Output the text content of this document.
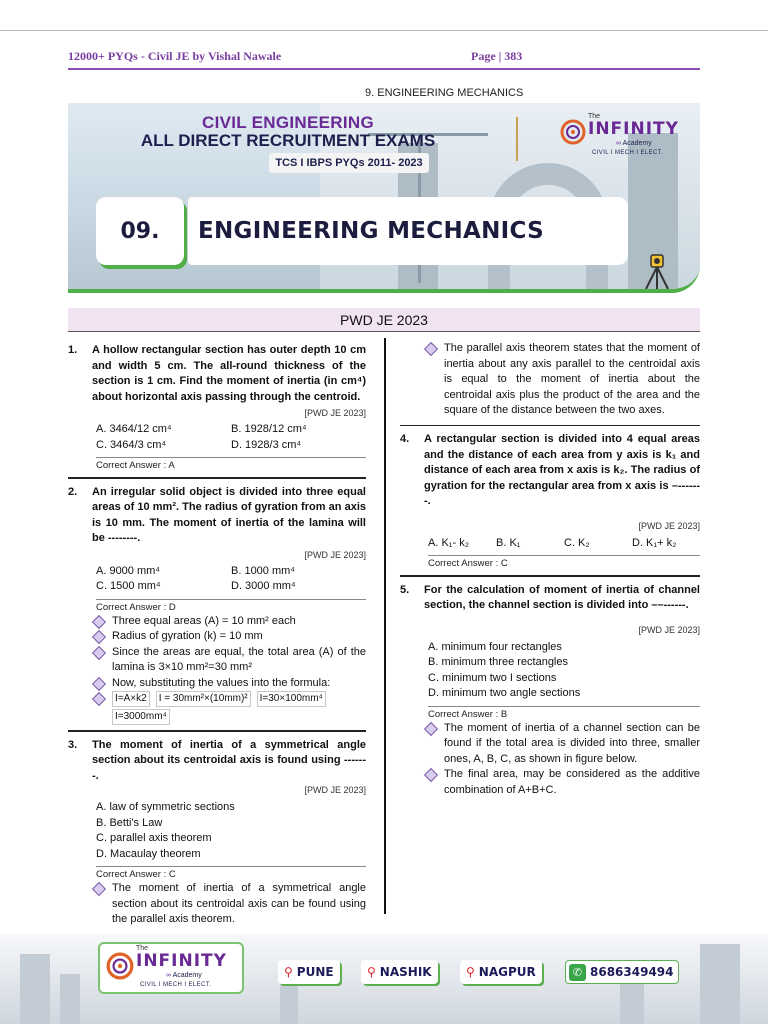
12000+ PYQs - Civil JE by Vishal Nawale	Page | 383
9. ENGINEERING MECHANICS
CIVIL ENGINEERING
ALL DIRECT RECRUITMENT EXAMS
TCS I IBPS PYQs 2011- 2023
The
INFINITY
∞ Academy
CIVIL I MECH I ELECT.
09.	ENGINEERING MECHANICS
PWD JE 2023
1. A hollow rectangular section has outer depth 10 cm and width 5 cm. The all-round thickness of the section is 1 cm. Find the moment of inertia (in cm⁴) about horizontal axis passing through the centroid.
[PWD JE 2023]
A. 3464/12 cm⁴	B. 1928/12 cm⁴
C. 3464/3 cm⁴	D. 1928/3 cm⁴
Correct Answer : A
2. An irregular solid object is divided into three equal areas of 10 mm². The radius of gyration from an axis is 10 mm. The moment of inertia of the lamina will be --------.
[PWD JE 2023]
A. 9000 mm⁴	B. 1000 mm⁴
C. 1500 mm⁴	D. 3000 mm⁴
Correct Answer : D
Three equal areas (A) = 10 mm² each
Radius of gyration (k) = 10 mm
Since the areas are equal, the total area (A) of the lamina is 3×10 mm²=30 mm²
Now, substituting the values into the formula:
I=A×k2	I = 30mm²×(10mm)²	I=30×100mm⁴
I=3000mm⁴
3. The moment of inertia of a symmetrical angle section about its centroidal axis is found using -------.
[PWD JE 2023]
A. law of symmetric sections
B. Betti's Law
C. parallel axis theorem
D. Macaulay theorem
Correct Answer : C
The moment of inertia of a symmetrical angle section about its centroidal axis can be found using the parallel axis theorem.
The parallel axis theorem states that the moment of inertia about any axis parallel to the centroidal axis is equal to the moment of inertia about the centroidal axis plus the product of the area and the square of the distance between the two axes.
4. A rectangular section is divided into 4 equal areas and the distance of each area from y axis is k₁ and distance of each area from x axis is k₂. The radius of gyration for the rectangular area from x axis is –-------.
[PWD JE 2023]
A. K₁- k₂	B. K₁	C. K₂	D. K₁+ k₂
Correct Answer : C
5. For the calculation of moment of inertia of channel section, the channel section is divided into ––------.
[PWD JE 2023]
A. minimum four rectangles
B. minimum three rectangles
C. minimum two I sections
D. minimum two angle sections
Correct Answer : B
The moment of inertia of a channel section can be found if the total area is divided into three, smaller ones, A, B, C, as shown in figure below.
The final area, may be considered as the additive combination of A+B+C.
The
INFINITY
∞ Academy
CIVIL I MECH I ELECT.
⚲ PUNE	⚲ NASHIK	⚲ NAGPUR	✆ 8686349494
